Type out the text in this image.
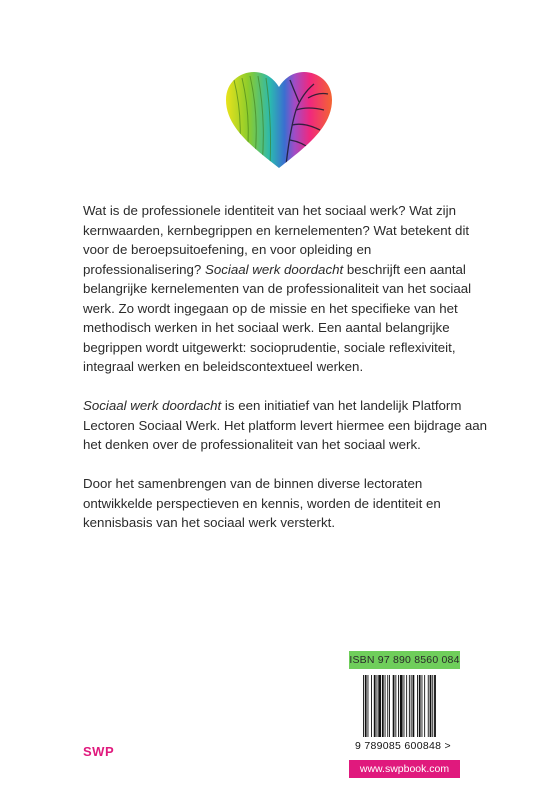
Wat is de professionele identiteit van het sociaal werk? Wat zijn kernwaarden, kernbegrippen en kernelementen? Wat betekent dit voor de beroepsuitoefening, en voor opleiding en professionalisering? Sociaal werk doordacht beschrijft een aantal belangrijke kernelementen van de professionaliteit van het sociaal werk. Zo wordt ingegaan op de missie en het specifieke van het methodisch werken in het sociaal werk. Een aantal belangrijke begrippen wordt uitgewerkt: socioprudentie, sociale reflexiviteit, integraal werken en beleidscontextueel werken.

Sociaal werk doordacht is een initiatief van het landelijk Platform Lectoren Sociaal Werk. Het platform levert hiermee een bijdrage aan het denken over de professionaliteit van het sociaal werk.

Door het samenbrengen van de binnen diverse lectoraten ontwikkelde perspectieven en kennis, worden de identiteit en kennisbasis van het sociaal werk versterkt.

SWP
ISBN 97 890 8560 084
9 789085 600848 >
www.swpbook.com
